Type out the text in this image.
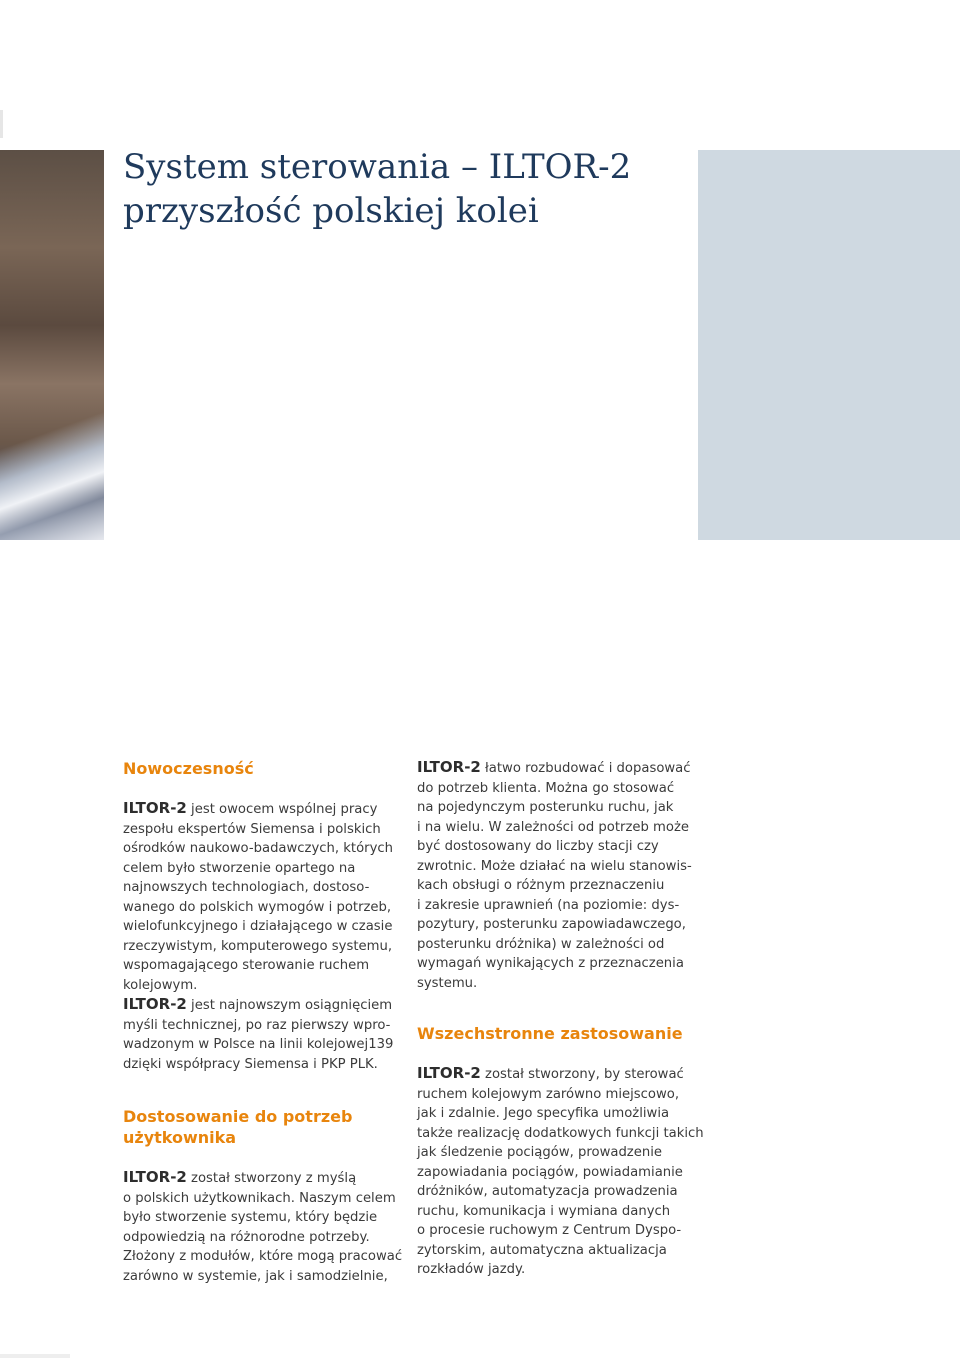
System sterowania – ILTOR-2
przyszłość polskiej kolei
Nowoczesność

ILTOR-2 jest owocem wspólnej pracy
zespołu ekspertów Siemensa i polskich
ośrodków naukowo-badawczych, których
celem było stworzenie opartego na
najnowszych technologiach, dostoso-
wanego do polskich wymogów i potrzeb,
wielofunkcyjnego i działającego w czasie
rzeczywistym, komputerowego systemu,
wspomagającego sterowanie ruchem
kolejowym.

ILTOR-2 jest najnowszym osiągnięciem
myśli technicznej, po raz pierwszy wpro-
wadzonym w Polsce na linii kolejowej139
dzięki współpracy Siemensa i PKP PLK.

Dostosowanie do potrzeb
użytkownika

ILTOR-2 został stworzony z myślą
o polskich użytkownikach. Naszym celem
było stworzenie systemu, który będzie
odpowiedzią na różnorodne potrzeby.
Złożony z modułów, które mogą pracować
zarówno w systemie, jak i samodzielnie,

ILTOR-2 łatwo rozbudować i dopasować
do potrzeb klienta. Można go stosować
na pojedynczym posterunku ruchu, jak
i na wielu. W zależności od potrzeb może
być dostosowany do liczby stacji czy
zwrotnic. Może działać na wielu stanowis-
kach obsługi o różnym przeznaczeniu
i zakresie uprawnień (na poziomie: dys-
pozytury, posterunku zapowiadawczego,
posterunku dróżnika) w zależności od
wymagań wynikających z przeznaczenia
systemu.

Wszechstronne zastosowanie

ILTOR-2 został stworzony, by sterować
ruchem kolejowym zarówno miejscowo,
jak i zdalnie. Jego specyfika umożliwia
także realizację dodatkowych funkcji takich
jak śledzenie pociągów, prowadzenie
zapowiadania pociągów, powiadamianie
dróżników, automatyzacja prowadzenia
ruchu, komunikacja i wymiana danych
o procesie ruchowym z Centrum Dyspo-
zytorskim, automatyczna aktualizacja
rozkładów jazdy.
